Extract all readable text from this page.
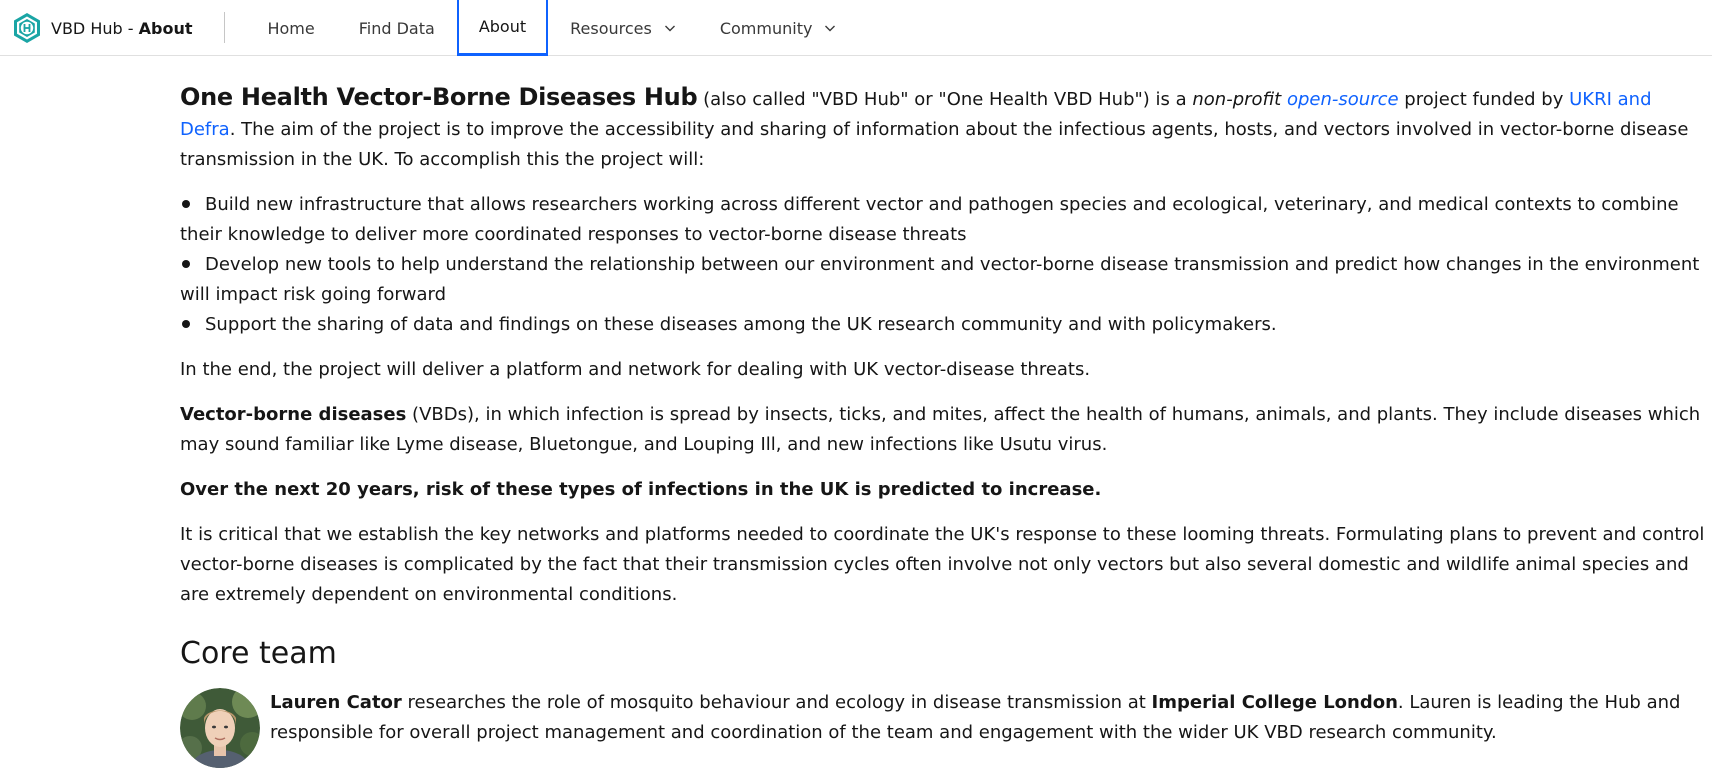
VBD Hub - About	Home	Find Data	About	Resources	Community

One Health Vector-Borne Diseases Hub (also called "VBD Hub" or "One Health VBD Hub") is a non-profit open-source project funded by UKRI and Defra. The aim of the project is to improve the accessibility and sharing of information about the infectious agents, hosts, and vectors involved in vector-borne disease transmission in the UK. To accomplish this the project will:

Build new infrastructure that allows researchers working across different vector and pathogen species and ecological, veterinary, and medical contexts to combine their knowledge to deliver more coordinated responses to vector-borne disease threats
Develop new tools to help understand the relationship between our environment and vector-borne disease transmission and predict how changes in the environment will impact risk going forward
Support the sharing of data and findings on these diseases among the UK research community and with policymakers.

In the end, the project will deliver a platform and network for dealing with UK vector-disease threats.

Vector-borne diseases (VBDs), in which infection is spread by insects, ticks, and mites, affect the health of humans, animals, and plants. They include diseases which may sound familiar like Lyme disease, Bluetongue, and Louping Ill, and new infections like Usutu virus.

Over the next 20 years, risk of these types of infections in the UK is predicted to increase.

It is critical that we establish the key networks and platforms needed to coordinate the UK's response to these looming threats. Formulating plans to prevent and control vector-borne diseases is complicated by the fact that their transmission cycles often involve not only vectors but also several domestic and wildlife animal species and are extremely dependent on environmental conditions.

Core team
Lauren Cator researches the role of mosquito behaviour and ecology in disease transmission at Imperial College London. Lauren is leading the Hub and responsible for overall project management and coordination of the team and engagement with the wider UK VBD research community.
